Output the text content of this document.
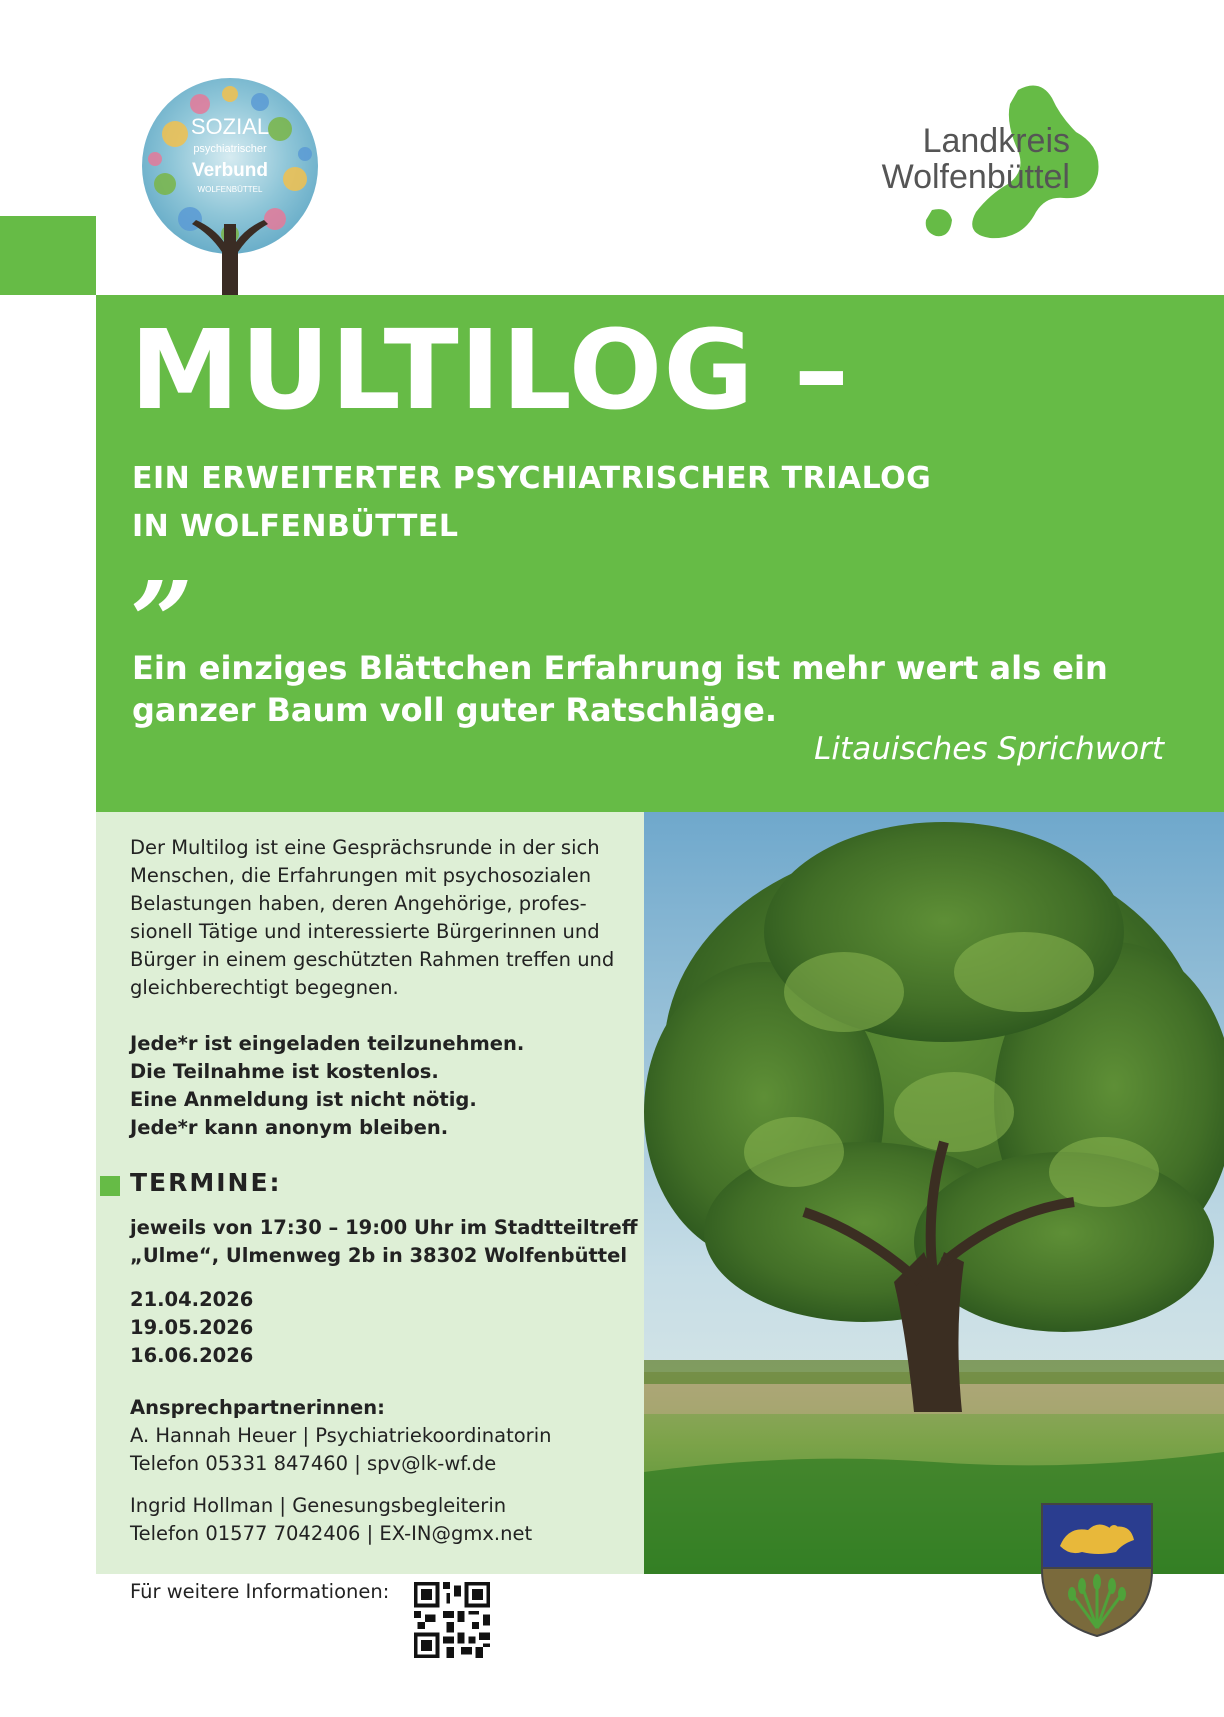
SOZIAL
psychiatrischer
Verbund
WOLFENBÜTTEL
Landkreis
Wolfenbüttel
MULTILOG –
EIN ERWEITERTER PSYCHIATRISCHER TRIALOG
IN WOLFENBÜTTEL
”

Ein einziges Blättchen Erfahrung ist mehr wert als ein ganzer Baum voll guter Ratschläge.

Litauisches Sprichwort

Der Multilog ist eine Gesprächsrunde in der sich Menschen, die Erfahrungen mit psychosozialen Belastungen haben, deren Angehörige, professionell Tätige und interessierte Bürgerinnen und Bürger in einem geschützten Rahmen treffen und gleichberechtigt begegnen.

Jede*r ist eingeladen teilzunehmen.
Die Teilnahme ist kostenlos.
Eine Anmeldung ist nicht nötig.
Jede*r kann anonym bleiben.

TERMINE:

jeweils von 17:30 – 19:00 Uhr im Stadtteiltreff
„Ulme“, Ulmenweg 2b in 38302 Wolfenbüttel

21.04.2026
19.05.2026
16.06.2026

Ansprechpartnerinnen:

A. Hannah Heuer | Psychiatriekoordinatorin
Telefon 05331 847460 | spv@lk-wf.de
Ingrid Hollman | Genesungsbegleiterin
Telefon 01577 7042406 | EX-IN@gmx.net
Für weitere Informationen:
